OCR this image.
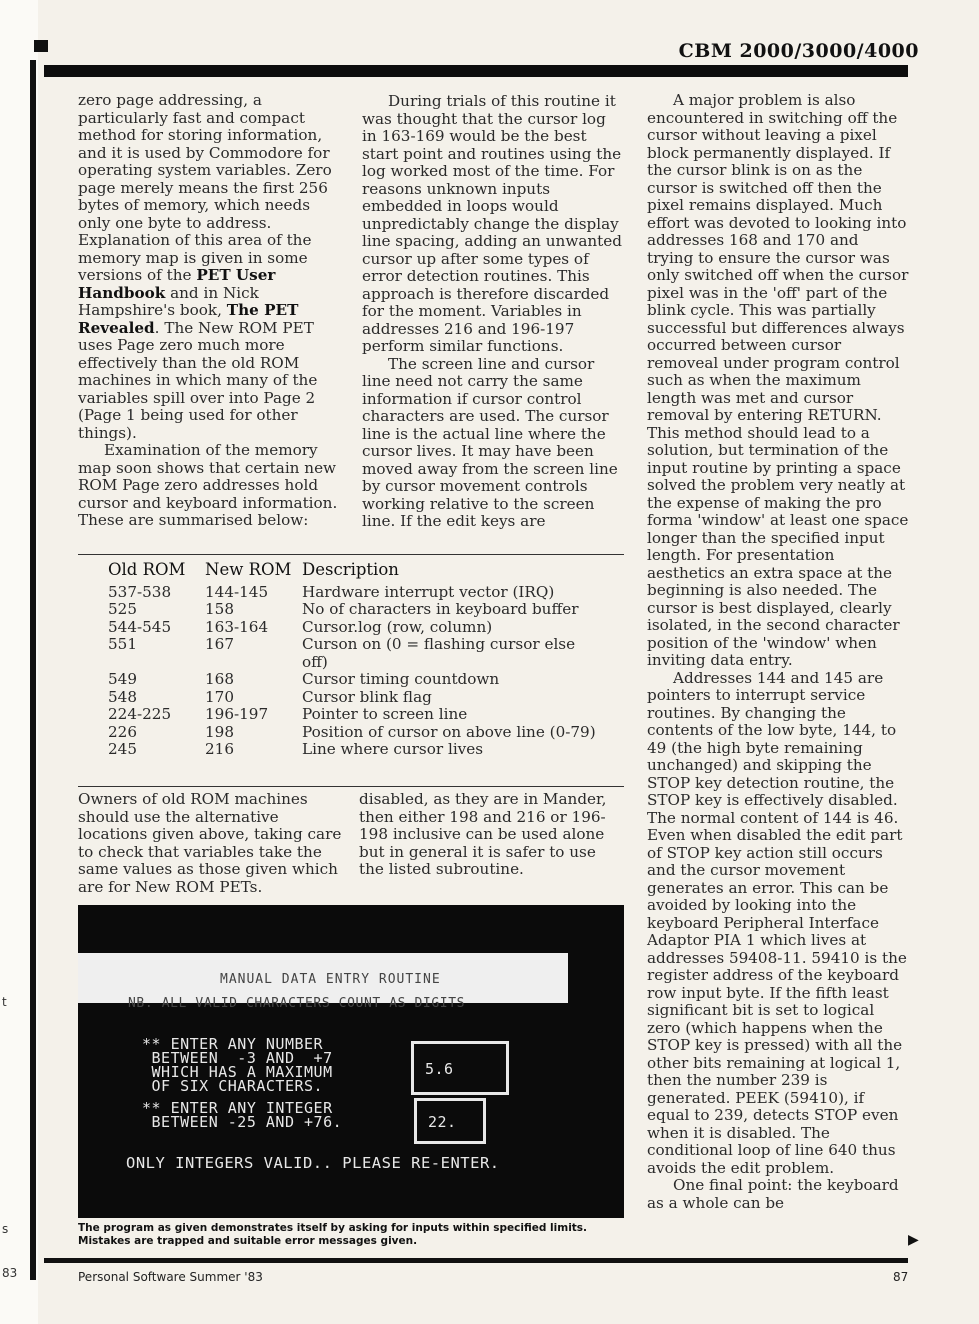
t
s
83
CBM 2000/3000/4000

zero page addressing, a particularly fast and compact method for storing information, and it is used by Commodore for operating system variables. Zero page merely means the first 256 bytes of memory, which needs only one byte to address. Explanation of this area of the memory map is given in some versions of the PET User Handbook and in Nick Hampshire's book, The PET Revealed. The New ROM PET uses Page zero much more effectively than the old ROM machines in which many of the variables spill over into Page 2 (Page 1 being used for other things).

Examination of the memory map soon shows that certain new ROM Page zero addresses hold cursor and keyboard information. These are summarised below:

During trials of this routine it was thought that the cursor log in 163-169 would be the best start point and routines using the log worked most of the time. For reasons unknown inputs embedded in loops would unpredictably change the display line spacing, adding an unwanted cursor up after some types of error detection routines. This approach is therefore discarded for the moment. Variables in addresses 216 and 196-197 perform similar functions.

The screen line and cursor line need not carry the same information if cursor control characters are used. The cursor line is the actual line where the cursor lives. It may have been moved away from the screen line by cursor movement controls working relative to the screen line. If the edit keys are

Old ROM	New ROM	Description
537-538	144-145	Hardware interrupt vector (IRQ)
525	158	No of characters in keyboard buffer
544-545	163-164	Cursor.log (row, column)
551	167	Curson on (0 = flashing cursor else off)
549	168	Cursor timing countdown
548	170	Cursor blink flag
224-225	196-197	Pointer to screen line
226	198	Position of cursor on above line (0-79)
245	216	Line where cursor lives

Owners of old ROM machines should use the alternative locations given above, taking care to check that variables take the same values as those given which are for New ROM PETs.

disabled, as they are in Mander, then either 198 and 216 or 196-198 inclusive can be used alone but in general it is safer to use the listed subroutine.

A major problem is also encountered in switching off the cursor without leaving a pixel block permanently displayed. If the cursor blink is on as the cursor is switched off then the pixel remains displayed. Much effort was devoted to looking into addresses 168 and 170 and trying to ensure the cursor was only switched off when the cursor pixel was in the 'off' part of the blink cycle. This was partially successful but differences always occurred between cursor removeal under program control such as when the maximum length was met and cursor removal by entering RETURN. This method should lead to a solution, but termination of the input routine by printing a space solved the problem very neatly at the expense of making the pro forma 'window' at least one space longer than the specified input length. For presentation aesthetics an extra space at the beginning is also needed. The cursor is best displayed, clearly isolated, in the second character position of the 'window' when inviting data entry.

Addresses 144 and 145 are pointers to interrupt service routines. By changing the contents of the low byte, 144, to 49 (the high byte remaining unchanged) and skipping the STOP key detection routine, the STOP key is effectively disabled. The normal content of 144 is 46. Even when disabled the edit part of STOP key action still occurs and the cursor movement generates an error. This can be avoided by looking into the keyboard Peripheral Interface Adaptor PIA 1 which lives at addresses 59408-11. 59410 is the register address of the keyboard row input byte. If the fifth least significant bit is set to logical zero (which happens when the STOP key is pressed) with all the other bits remaining at logical 1, then the number 239 is generated. PEEK (59410), if equal to 239, detects STOP even when it is disabled. The conditional loop of line 640 thus avoids the edit problem.

One final point: the keyboard as a whole can be

MANUAL DATA ENTRY ROUTINE
NB. ALL VALID CHARACTERS COUNT AS DIGITS
** ENTER ANY NUMBER
BETWEEN  -3 AND  +7
WHICH HAS A MAXIMUM
OF SIX CHARACTERS.
5.6
** ENTER ANY INTEGER
BETWEEN -25 AND +76.	22.
ONLY INTEGERS VALID.. PLEASE RE-ENTER.
The program as given demonstrates itself by asking for inputs within specified limits. Mistakes are trapped and suitable error messages given.	▶
Personal Software Summer '83	87
